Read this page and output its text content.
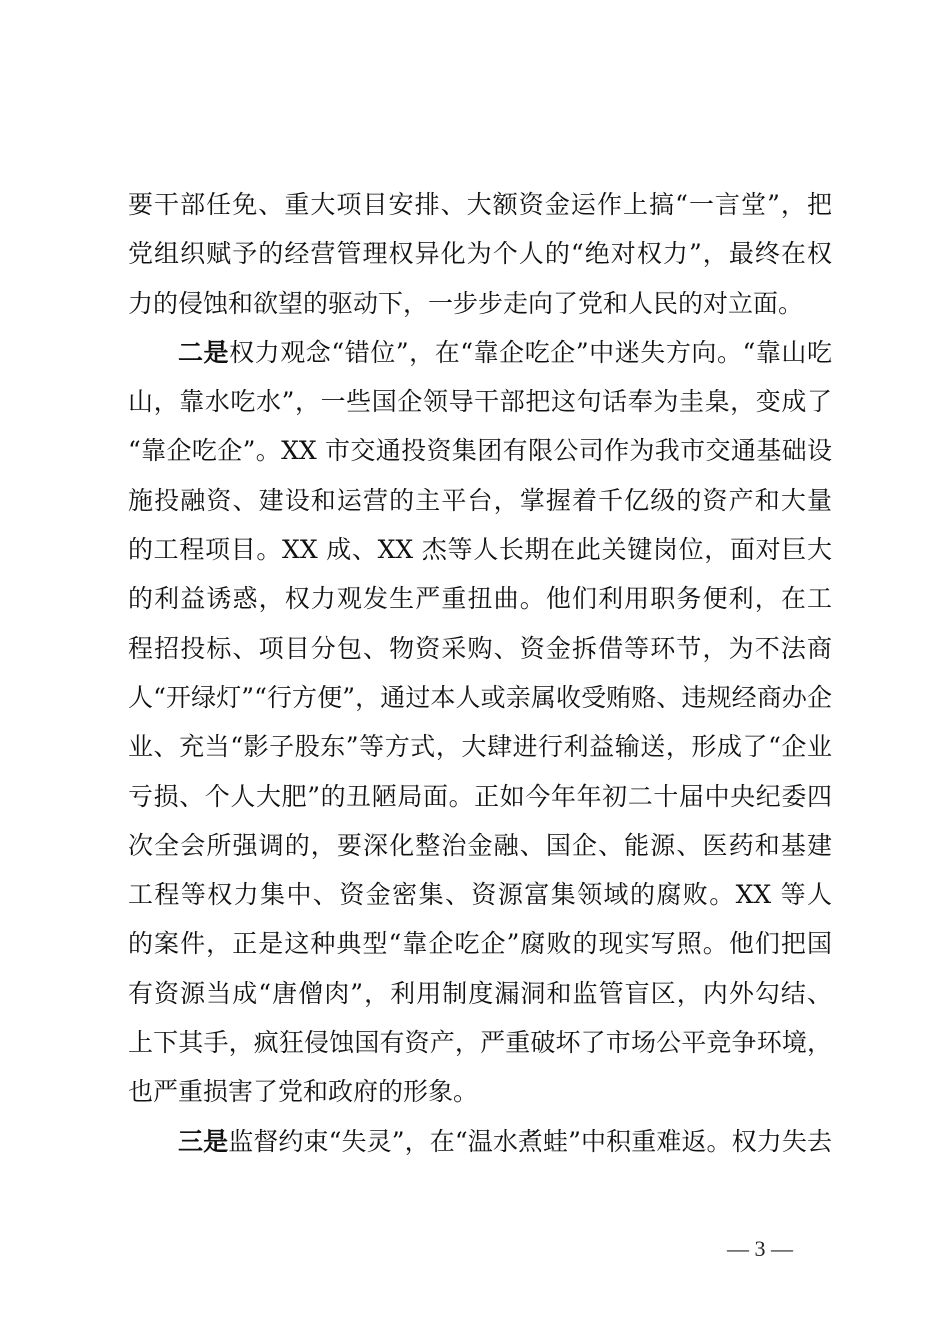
要干部任免、重大项目安排、大额资金运作上搞“一言堂”，把
党组织赋予的经营管理权异化为个人的“绝对权力”，最终在权
力的侵蚀和欲望的驱动下，一步步走向了党和人民的对立面。
二是权力观念“错位”，在“靠企吃企”中迷失方向。“靠山吃
山，靠水吃水”，一些国企领导干部把这句话奉为圭臬，变成了
“靠企吃企”。XX 市交通投资集团有限公司作为我市交通基础设
施投融资、建设和运营的主平台，掌握着千亿级的资产和大量
的工程项目。XX 成、XX 杰等人长期在此关键岗位，面对巨大
的利益诱惑，权力观发生严重扭曲。他们利用职务便利，在工
程招投标、项目分包、物资采购、资金拆借等环节，为不法商
人“开绿灯”“行方便”，通过本人或亲属收受贿赂、违规经商办企
业、充当“影子股东”等方式，大肆进行利益输送，形成了“企业
亏损、个人大肥”的丑陋局面。正如今年年初二十届中央纪委四
次全会所强调的，要深化整治金融、国企、能源、医药和基建
工程等权力集中、资金密集、资源富集领域的腐败。XX 等人
的案件，正是这种典型“靠企吃企”腐败的现实写照。他们把国
有资源当成“唐僧肉”，利用制度漏洞和监管盲区，内外勾结、
上下其手，疯狂侵蚀国有资产，严重破坏了市场公平竞争环境，
也严重损害了党和政府的形象。
三是监督约束“失灵”，在“温水煮蛙”中积重难返。权力失去
— 3 —
